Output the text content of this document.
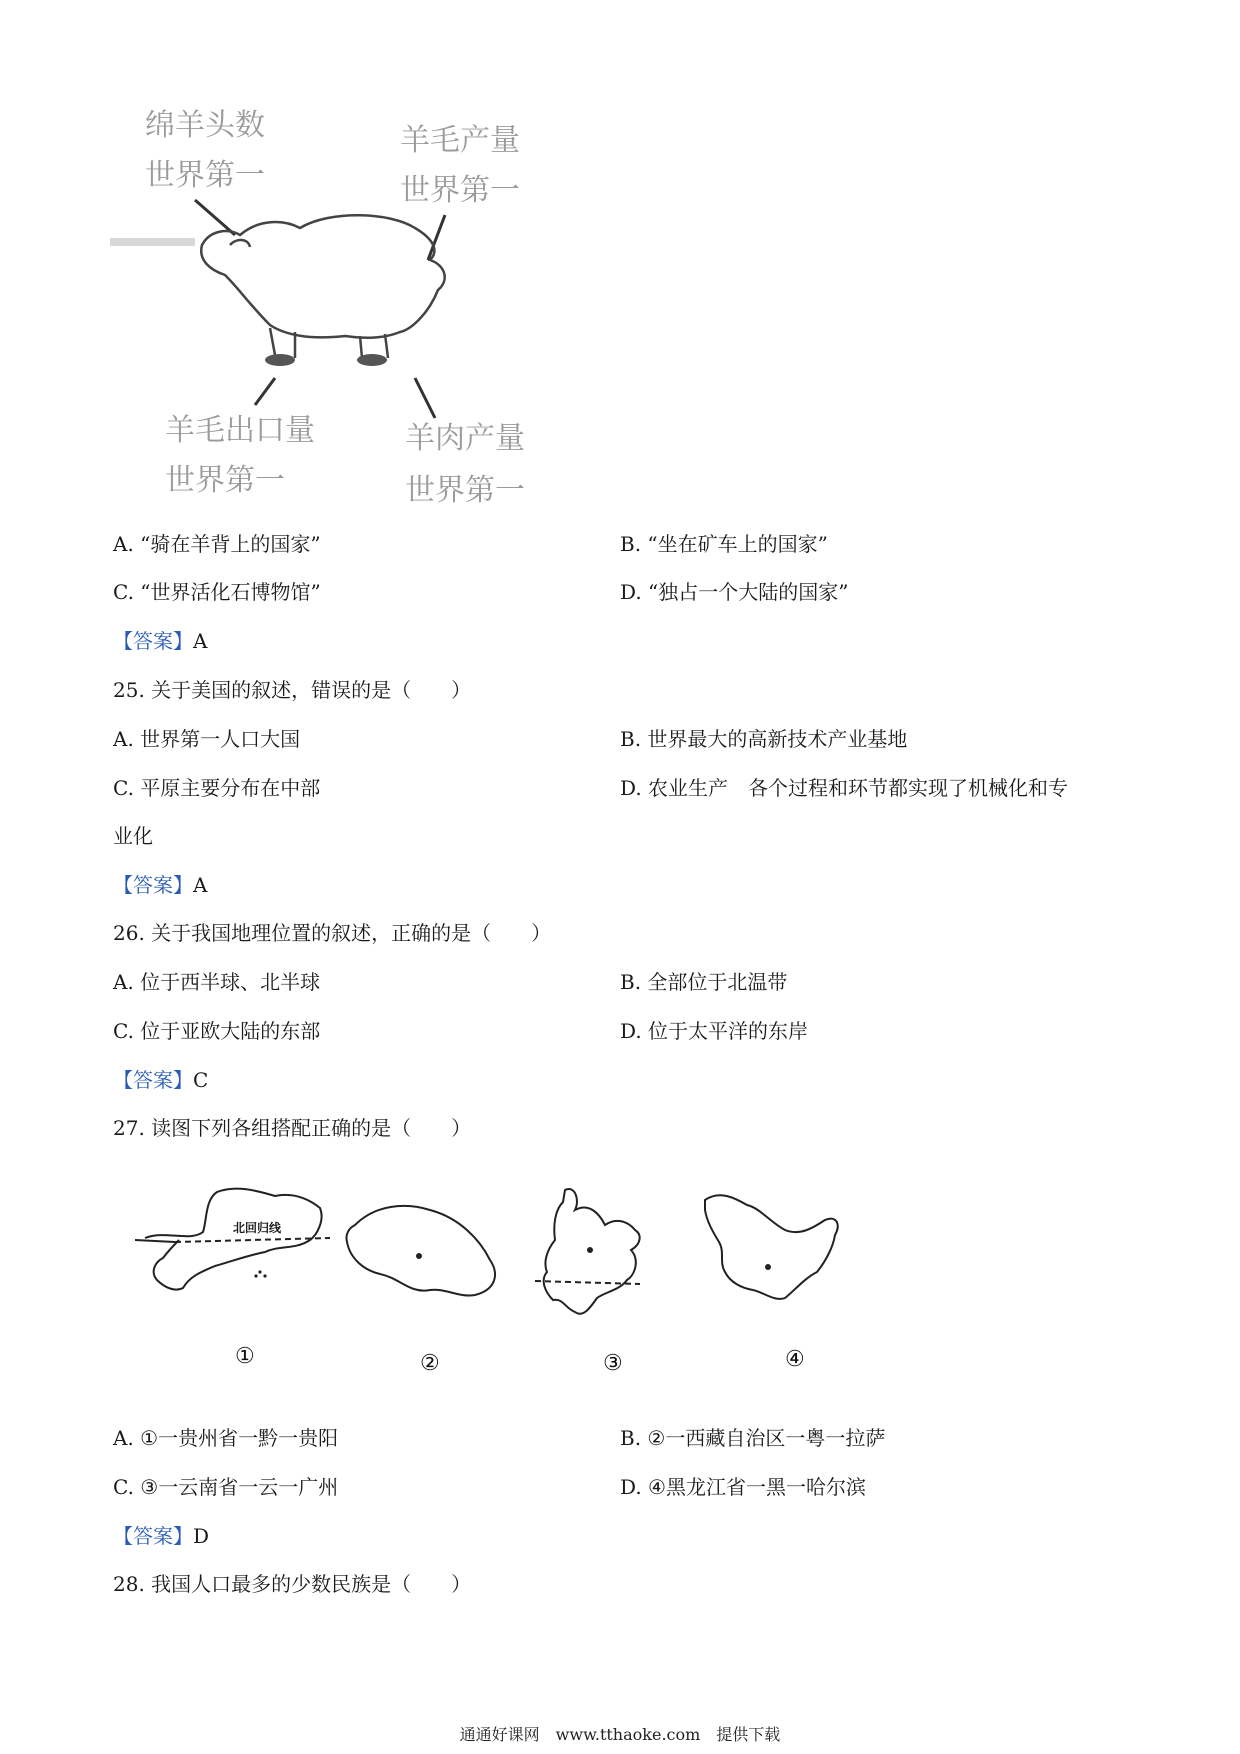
绵羊头数
世界第一
羊毛产量
世界第一
羊毛出口量
世界第一
羊肉产量
世界第一
A. “骑在羊背上的国家”	B. “坐在矿车上的国家”
C. “世界活化石博物馆”	D. “独占一个大陆的国家”
【答案】A
25. 关于美国的叙述，错误的是（　　）
A. 世界第一人口大国	B. 世界最大的高新技术产业基地
C. 平原主要分布在中部	D. 农业生产　各个过程和环节都实现了机械化和专
业化
【答案】A
26. 关于我国地理位置的叙述，正确的是（　　）
A. 位于西半球、北半球	B. 全部位于北温带
C. 位于亚欧大陆的东部	D. 位于太平洋的东岸
【答案】C
27. 读图下列各组搭配正确的是（　　）
北回归线
①	②	③	④
A. ①一贵州省一黔一贵阳	B. ②一西藏自治区一粤一拉萨
C. ③一云南省一云一广州	D. ④黑龙江省一黑一哈尔滨
【答案】D
28. 我国人口最多的少数民族是（　　）
通通好课网　www.tthaoke.com　提供下载
